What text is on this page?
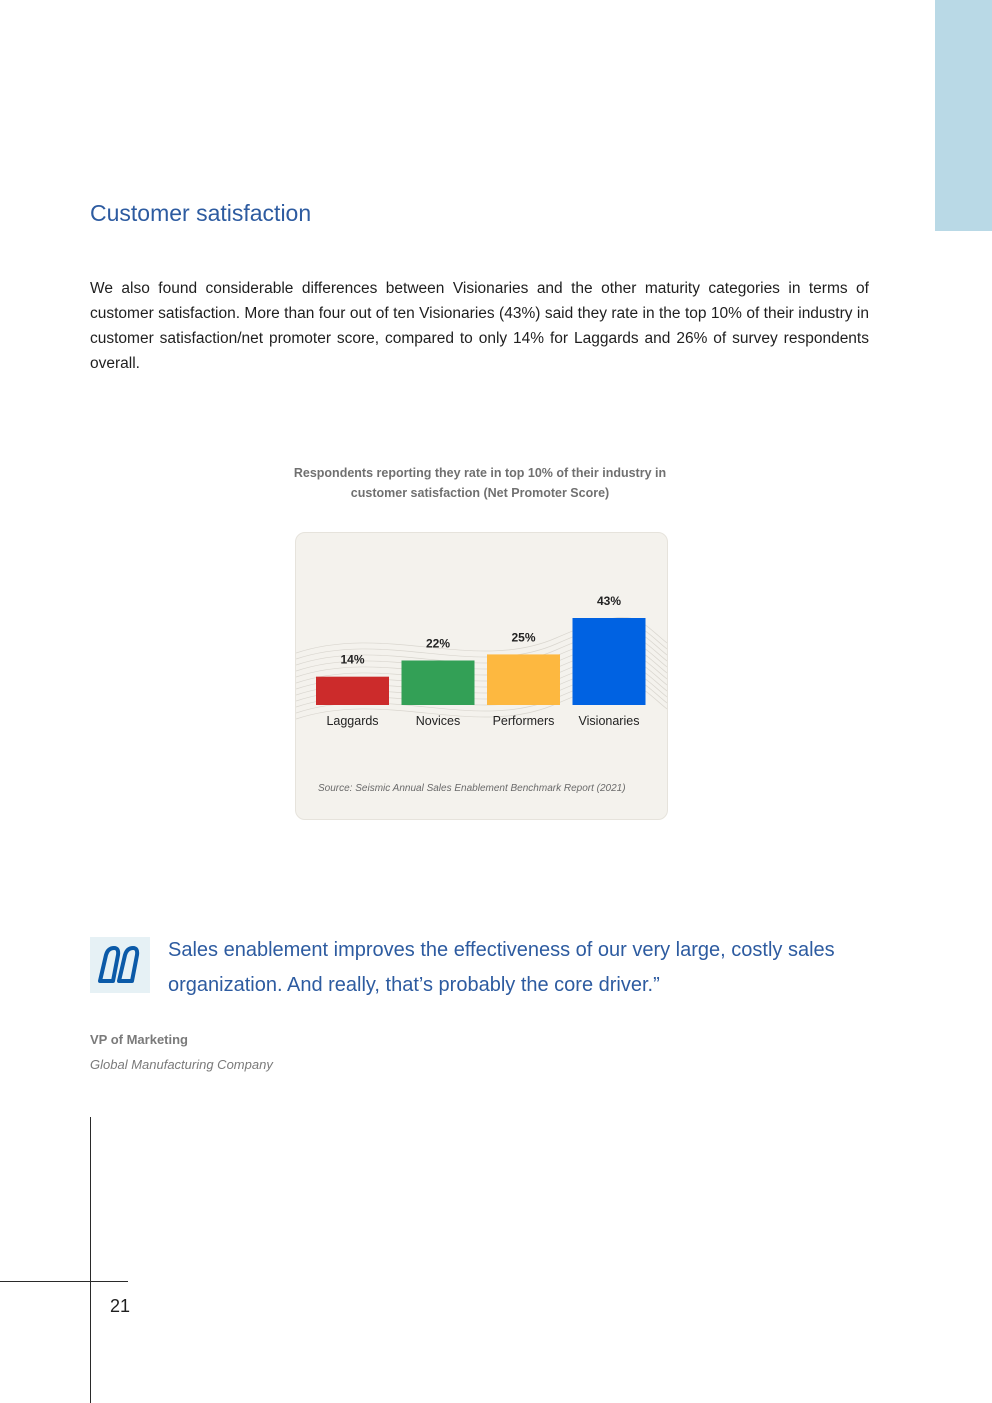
Customer satisfaction

We also found considerable differences between Visionaries and the other maturity categories in terms of customer satisfaction. More than four out of ten Visionaries (43%) said they rate in the top 10% of their industry in customer satisfaction/net promoter score, compared to only 14% for Laggards and 26% of survey respondents overall.

Respondents reporting they rate in top 10% of their industry in customer satisfaction (Net Promoter Score)

14%
Laggards
22%
Novices
25%
Performers
43%
Visionaries

Source: Seismic Annual Sales Enablement Benchmark Report (2021)

Sales enablement improves the effectiveness of our very large, costly sales organization. And really, that’s probably the core driver.”

VP of Marketing

Global Manufacturing Company

21
